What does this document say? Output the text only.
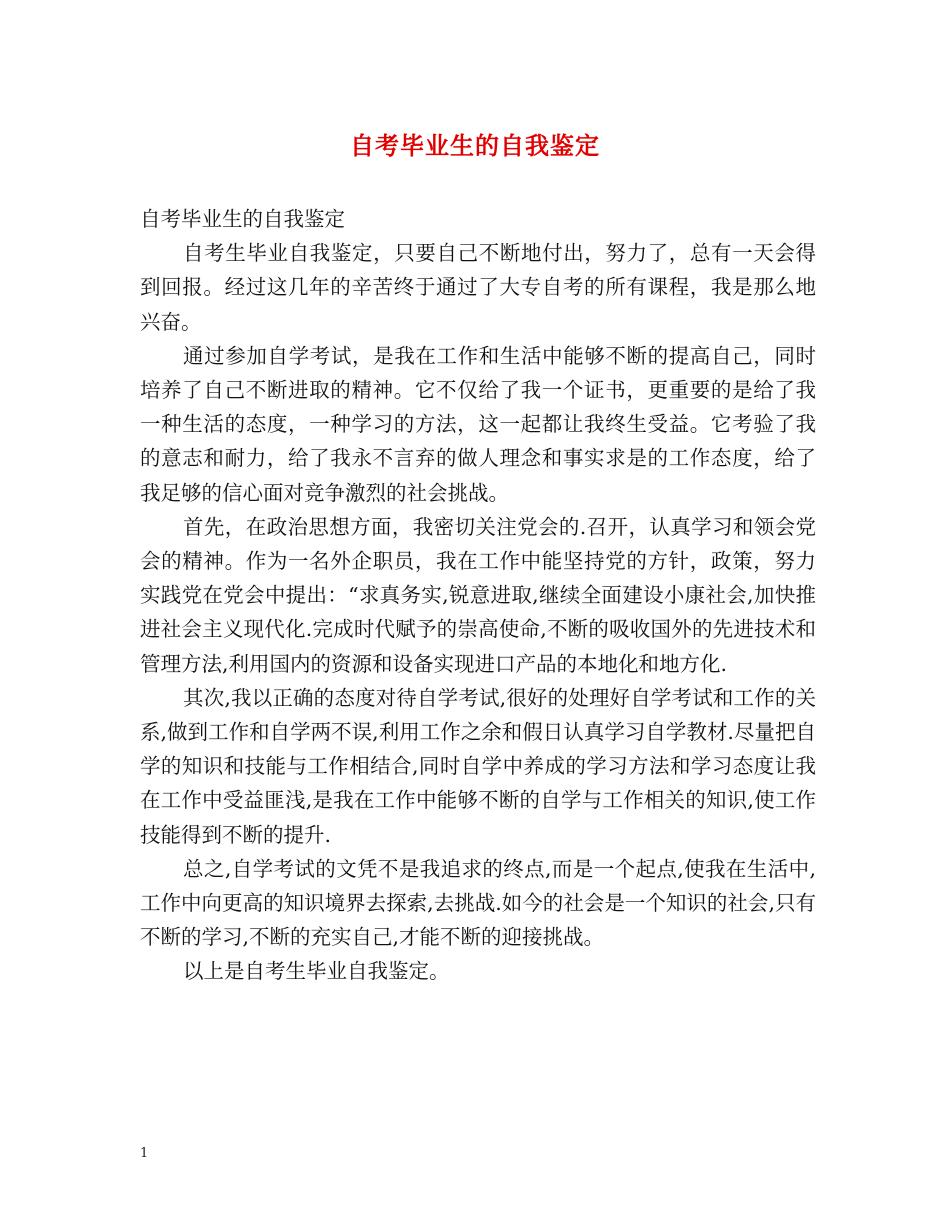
自考毕业生的自我鉴定

自考毕业生的自我鉴定

自考生毕业自我鉴定，只要自己不断地付出，努力了，总有一天会得到回报。经过这几年的辛苦终于通过了大专自考的所有课程，我是那么地兴奋。

通过参加自学考试，是我在工作和生活中能够不断的提高自己，同时培养了自己不断进取的精神。它不仅给了我一个证书，更重要的是给了我一种生活的态度，一种学习的方法，这一起都让我终生受益。它考验了我的意志和耐力，给了我永不言弃的做人理念和事实求是的工作态度，给了我足够的信心面对竞争激烈的社会挑战。

首先，在政治思想方面，我密切关注党会的.召开，认真学习和领会党会的精神。作为一名外企职员，我在工作中能坚持党的方针，政策，努力实践党在党会中提出：“求真务实,锐意进取,继续全面建设小康社会,加快推进社会主义现代化.完成时代赋予的崇高使命,不断的吸收国外的先进技术和管理方法,利用国内的资源和设备实现进口产品的本地化和地方化.

其次,我以正确的态度对待自学考试,很好的处理好自学考试和工作的关系,做到工作和自学两不误,利用工作之余和假日认真学习自学教材.尽量把自学的知识和技能与工作相结合,同时自学中养成的学习方法和学习态度让我在工作中受益匪浅,是我在工作中能够不断的自学与工作相关的知识,使工作技能得到不断的提升.

总之,自学考试的文凭不是我追求的终点,而是一个起点,使我在生活中,工作中向更高的知识境界去探索,去挑战.如今的社会是一个知识的社会,只有不断的学习,不断的充实自己,才能不断的迎接挑战。

以上是自考生毕业自我鉴定。

1
